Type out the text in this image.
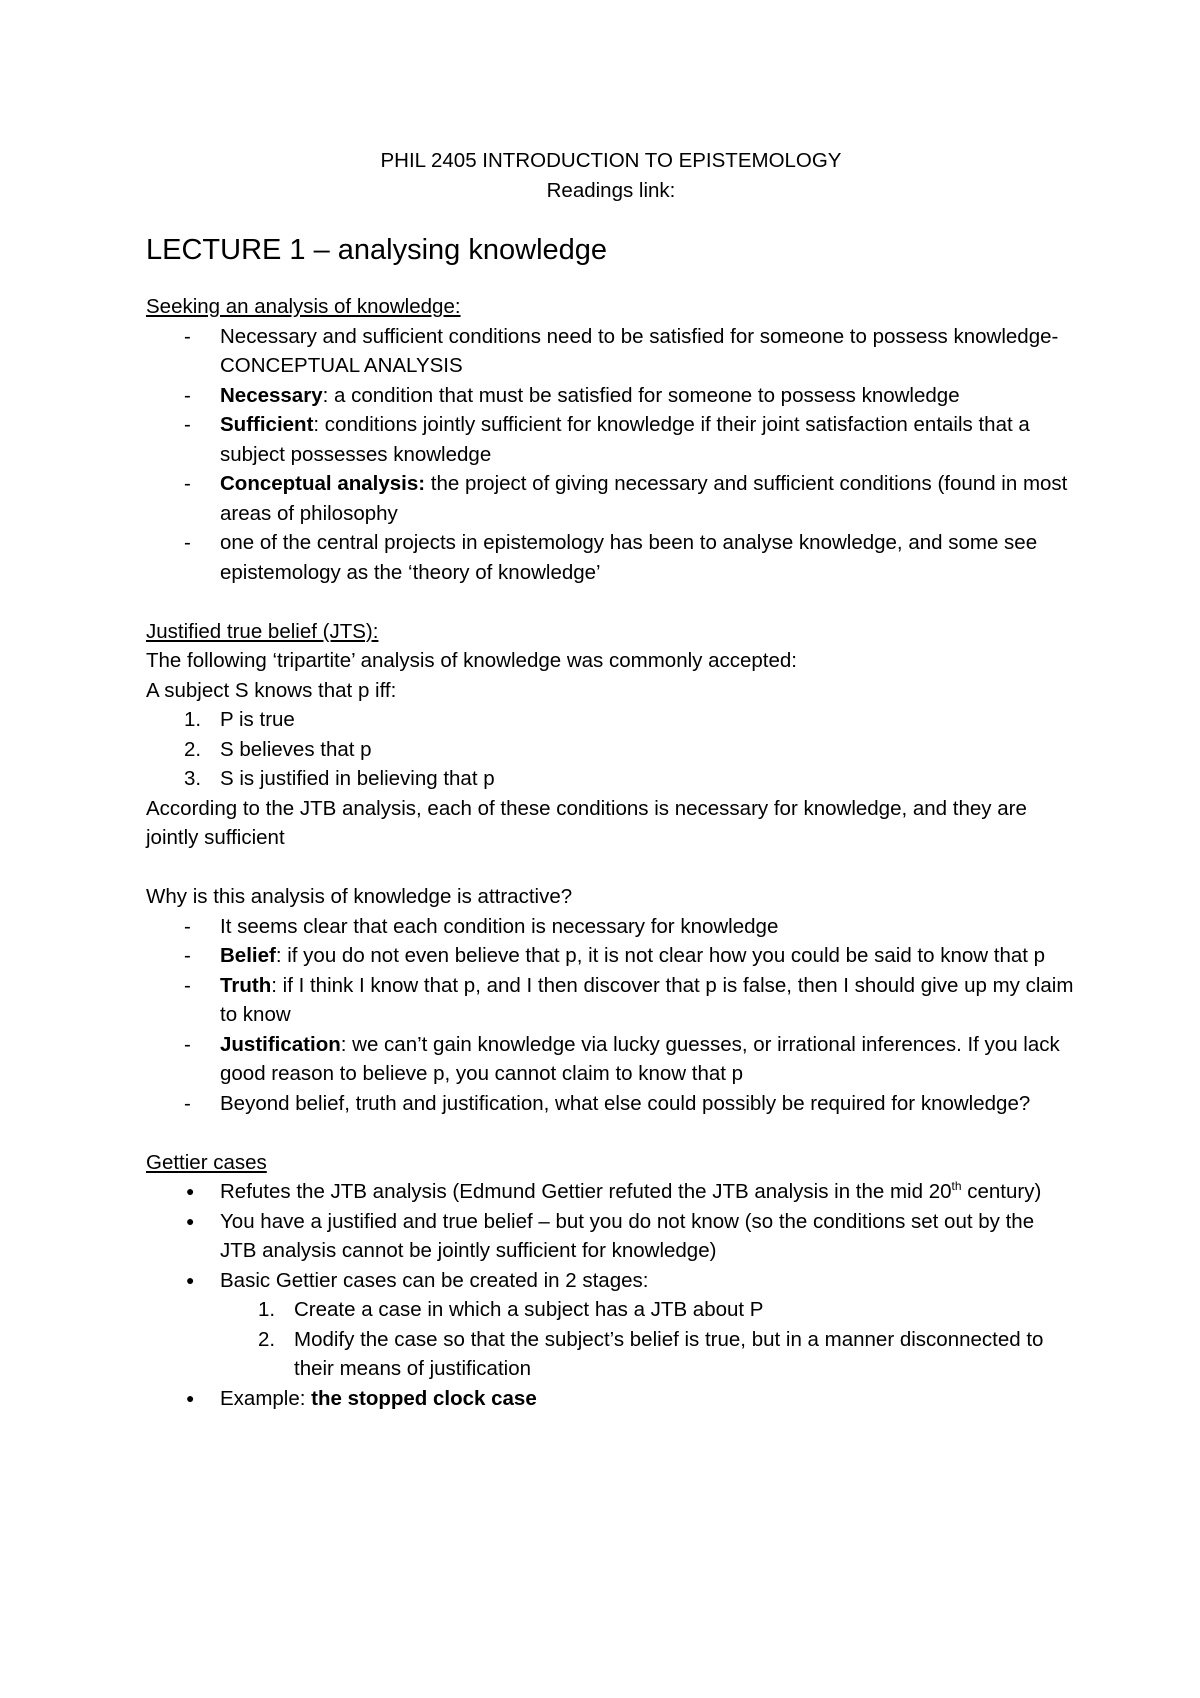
PHIL 2405 INTRODUCTION TO EPISTEMOLOGY

Readings link:

LECTURE 1 – analysing knowledge

Seeking an analysis of knowledge:

- Necessary and sufficient conditions need to be satisfied for someone to possess knowledge- CONCEPTUAL ANALYSIS
- Necessary: a condition that must be satisfied for someone to possess knowledge
- Sufficient: conditions jointly sufficient for knowledge if their joint satisfaction entails that a subject possesses knowledge
- Conceptual analysis: the project of giving necessary and sufficient conditions (found in most areas of philosophy
- one of the central projects in epistemology has been to analyse knowledge, and some see epistemology as the ‘theory of knowledge’

Justified true belief (JTS):

The following ‘tripartite’ analysis of knowledge was commonly accepted:

A subject S knows that p iff:

1. P is true
2. S believes that p
3. S is justified in believing that p

According to the JTB analysis, each of these conditions is necessary for knowledge, and they are jointly sufficient

Why is this analysis of knowledge is attractive?

- It seems clear that each condition is necessary for knowledge
- Belief: if you do not even believe that p, it is not clear how you could be said to know that p
- Truth: if I think I know that p, and I then discover that p is false, then I should give up my claim to know
- Justification: we can’t gain knowledge via lucky guesses, or irrational inferences. If you lack good reason to believe p, you cannot claim to know that p
- Beyond belief, truth and justification, what else could possibly be required for knowledge?

Gettier cases

● Refutes the JTB analysis (Edmund Gettier refuted the JTB analysis in the mid 20th century)
● You have a justified and true belief – but you do not know (so the conditions set out by the JTB analysis cannot be jointly sufficient for knowledge)
● Basic Gettier cases can be created in 2 stages:
1. Create a case in which a subject has a JTB about P
2. Modify the case so that the subject’s belief is true, but in a manner disconnected to their means of justification
● Example: the stopped clock case
